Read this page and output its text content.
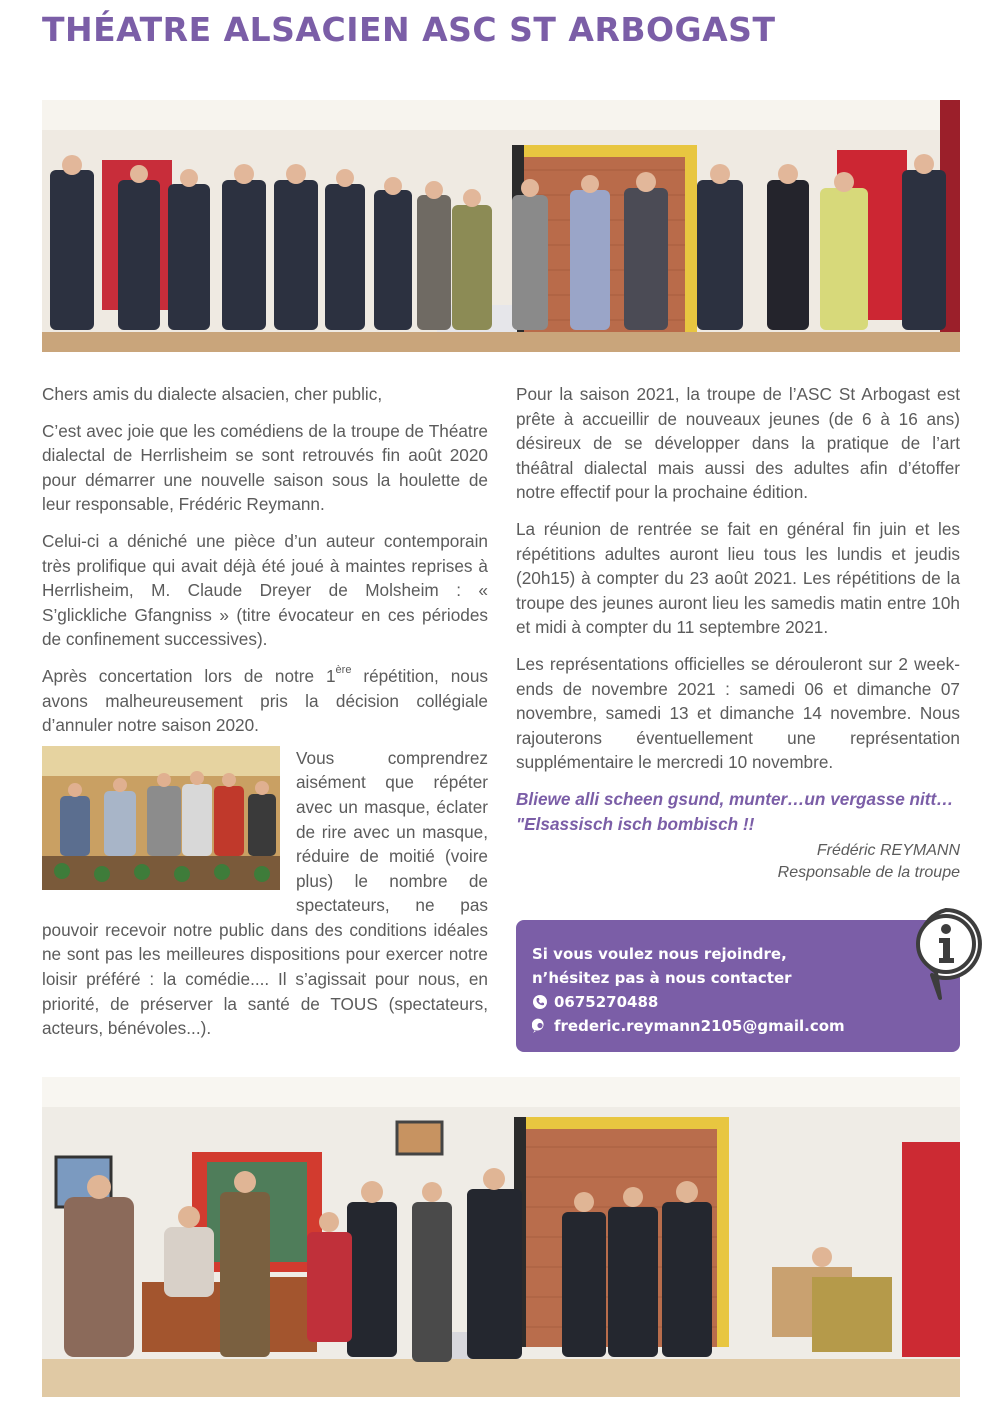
THÉATRE ALSACIEN ASC ST ARBOGAST

Chers amis du dialecte alsacien, cher public,

C’est avec joie que les comédiens de la troupe de Théatre dialectal de Herrlisheim se sont retrouvés fin août 2020 pour démarrer une nouvelle saison sous la houlette de leur responsable, Frédéric Reymann.

Celui-ci a déniché une pièce d’un auteur contemporain très prolifique qui avait déjà été joué à maintes reprises à Herrlisheim, M. Claude Dreyer de Molsheim : « S’glickliche Gfangniss » (titre évocateur en ces périodes de confinement successives).

Après concertation lors de notre 1ère répétition, nous avons malheureusement pris la décision collégiale d’annuler notre saison 2020.

Vous comprendrez aisément que répéter avec un masque, éclater de rire avec un masque, réduire de moitié (voire plus) le nombre de spectateurs, ne pas pouvoir recevoir notre public dans des conditions idéales ne sont pas les meilleures dispositions pour exercer notre loisir préféré : la comédie.... Il s’agissait pour nous, en priorité, de préserver la santé de TOUS (spectateurs, acteurs, bénévoles...).

Pour la saison 2021, la troupe de l’ASC St Arbogast est prête à accueillir de nouveaux jeunes (de 6 à 16 ans) désireux de se développer dans la pratique de l’art théâtral dialectal mais aussi des adultes afin d’étoffer notre effectif pour la prochaine édition.

La réunion de rentrée se fait en général fin juin et les répétitions adultes auront lieu tous les lundis et jeudis (20h15) à compter du 23 août 2021. Les répétitions de la troupe des jeunes auront lieu les samedis matin entre 10h et midi à compter du 11 septembre 2021.

Les représentations officielles se dérouleront sur 2 week-ends de novembre 2021 : samedi 06 et dimanche 07 novembre, samedi 13 et dimanche 14 novembre. Nous rajouterons éventuellement une représentation supplémentaire le mercredi 10 novembre.

Bliewe alli scheen gsund, munter…un vergasse nitt… "Elsassisch isch bombisch !!

Frédéric REYMANN

Responsable de la troupe

Si vous voulez nous rejoindre,
n’hésitez pas à nous contacter
0675270488
frederic.reymann2105@gmail.com
